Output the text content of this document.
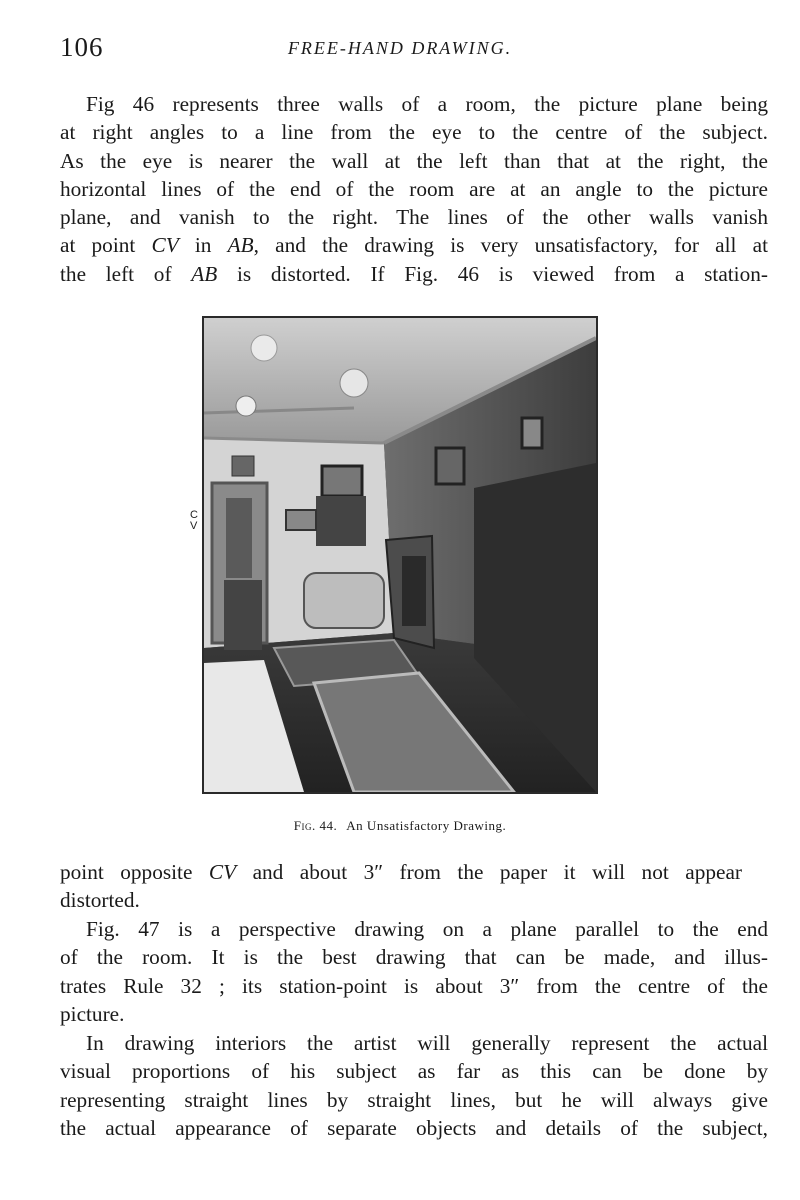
106	FREE-HAND DRAWING.

Fig 46 represents three walls of a room, the picture plane being
at right angles to a line from the eye to the centre of the subject.
As the eye is nearer the wall at the left than that at the right, the
horizontal lines of the end of the room are at an angle to the picture
plane, and vanish to the right. The lines of the other walls vanish
at point CV in AB, and the drawing is very unsatisfactory, for all at
the left of AB is distorted. If Fig. 46 is viewed from a station-

C
V
Fig. 44. An Unsatisfactory Drawing.

point opposite CV and about 3″ from the paper it will not appear
distorted.

Fig. 47 is a perspective drawing on a plane parallel to the end
of the room. It is the best drawing that can be made, and illus-
trates Rule 32 ; its station-point is about 3″ from the centre of the
picture.

In drawing interiors the artist will generally represent the actual
visual proportions of his subject as far as this can be done by
representing straight lines by straight lines, but he will always give
the actual appearance of separate objects and details of the subject,
